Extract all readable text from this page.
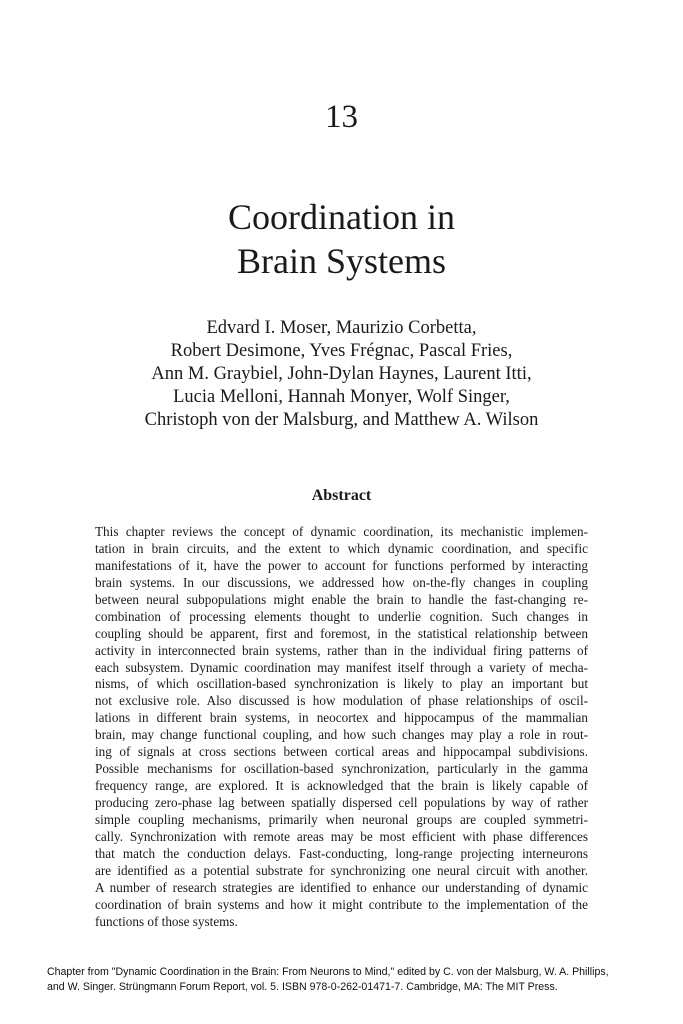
13
Coordination in
Brain Systems
Edvard I. Moser, Maurizio Corbetta,
Robert Desimone, Yves Frégnac, Pascal Fries,
Ann M. Graybiel, John-Dylan Haynes, Laurent Itti,
Lucia Melloni, Hannah Monyer, Wolf Singer,
Christoph von der Malsburg, and Matthew A. Wilson
Abstract
This chapter reviews the concept of dynamic coordination, its mechanistic implemen-
tation in brain circuits, and the extent to which dynamic coordination, and specific
manifestations of it, have the power to account for functions performed by interacting
brain systems. In our discussions, we addressed how on-the-fly changes in coupling
between neural subpopulations might enable the brain to handle the fast-changing re-
combination of processing elements thought to underlie cognition. Such changes in
coupling should be apparent, first and foremost, in the statistical relationship between
activity in interconnected brain systems, rather than in the individual firing patterns of
each subsystem. Dynamic coordination may manifest itself through a variety of mecha-
nisms, of which oscillation-based synchronization is likely to play an important but
not exclusive role. Also discussed is how modulation of phase relationships of oscil-
lations in different brain systems, in neocortex and hippocampus of the mammalian
brain, may change functional coupling, and how such changes may play a role in rout-
ing of signals at cross sections between cortical areas and hippocampal subdivisions.
Possible mechanisms for oscillation-based synchronization, particularly in the gamma
frequency range, are explored. It is acknowledged that the brain is likely capable of
producing zero-phase lag between spatially dispersed cell populations by way of rather
simple coupling mechanisms, primarily when neuronal groups are coupled symmetri-
cally. Synchronization with remote areas may be most efficient with phase differences
that match the conduction delays. Fast-conducting, long-range projecting interneurons
are identified as a potential substrate for synchronizing one neural circuit with another.
A number of research strategies are identified to enhance our understanding of dynamic
coordination of brain systems and how it might contribute to the implementation of the
functions of those systems.
Chapter from "Dynamic Coordination in the Brain: From Neurons to Mind," edited by C. von der Malsburg, W. A. Phillips,
and W. Singer. Strüngmann Forum Report, vol. 5. ISBN 978-0-262-01471-7. Cambridge, MA: The MIT Press.
